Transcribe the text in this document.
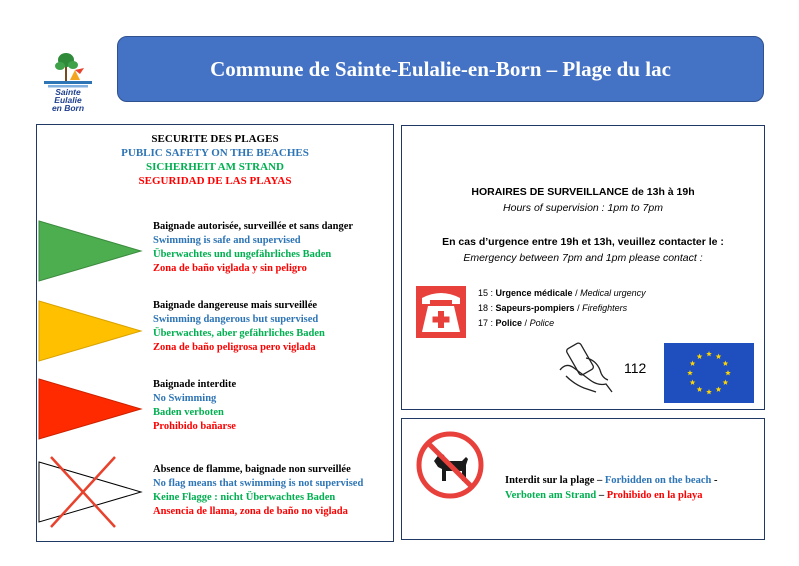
Sainte
Eulalie
en Born
Commune de Sainte-Eulalie-en-Born – Plage du lac
SECURITE DES PLAGES
PUBLIC SAFETY ON THE BEACHES
SICHERHEIT AM STRAND
SEGURIDAD DE LAS PLAYAS
Baignade autorisée, surveillée et sans danger
Swimming is safe and supervised
Überwachtes und ungefährliches Baden
Zona de baño viglada y sin peligro
Baignade dangereuse mais surveillée
Swimming dangerous but supervised
Überwachtes, aber gefährliches Baden
Zona de baño peligrosa pero viglada
Baignade interdite
No Swimming
Baden verboten
Prohibido bañarse
Absence de flamme, baignade non surveillée
No flag means that swimming is not supervised
Keine Flagge : nicht Überwachtes Baden
Ansencia de llama, zona de baño no viglada
HORAIRES DE SURVEILLANCE de 13h à 19h
Hours of supervision : 1pm to 7pm
En cas d’urgence entre 19h et 13h, veuillez contacter le :
Emergency between 7pm and 1pm please contact :
15 : Urgence médicale / Medical urgency
18 : Sapeurs-pompiers / Firefighters
17 : Police / Police
112
Interdit sur la plage – Forbidden on the beach -
Verboten am Strand – Prohibido en la playa
